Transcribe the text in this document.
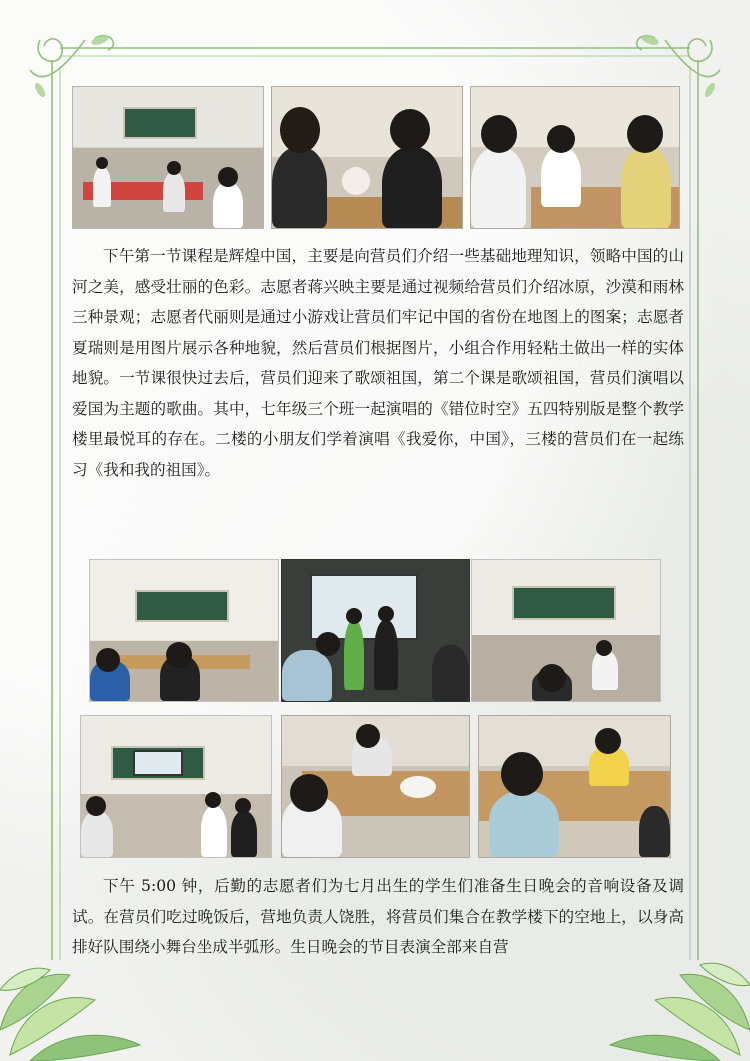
下午第一节课程是辉煌中国，主要是向营员们介绍一些基础地理知识，领略中国的山河之美，感受壮丽的色彩。志愿者蒋兴映主要是通过视频给营员们介绍冰原，沙漠和雨林三种景观；志愿者代丽则是通过小游戏让营员们牢记中国的省份在地图上的图案；志愿者夏瑞则是用图片展示各种地貌，然后营员们根据图片，小组合作用轻粘土做出一样的实体地貌。一节课很快过去后，营员们迎来了歌颂祖国，第二个课是歌颂祖国，营员们演唱以爱国为主题的歌曲。其中，七年级三个班一起演唱的《错位时空》五四特别版是整个教学楼里最悦耳的存在。二楼的小朋友们学着演唱《我爱你，中国》，三楼的营员们在一起练习《我和我的祖国》。

下午 5:00 钟，后勤的志愿者们为七月出生的学生们准备生日晚会的音响设备及调试。在营员们吃过晚饭后，营地负责人饶胜，将营员们集合在教学楼下的空地上，以身高排好队围绕小舞台坐成半弧形。生日晚会的节目表演全部来自营
